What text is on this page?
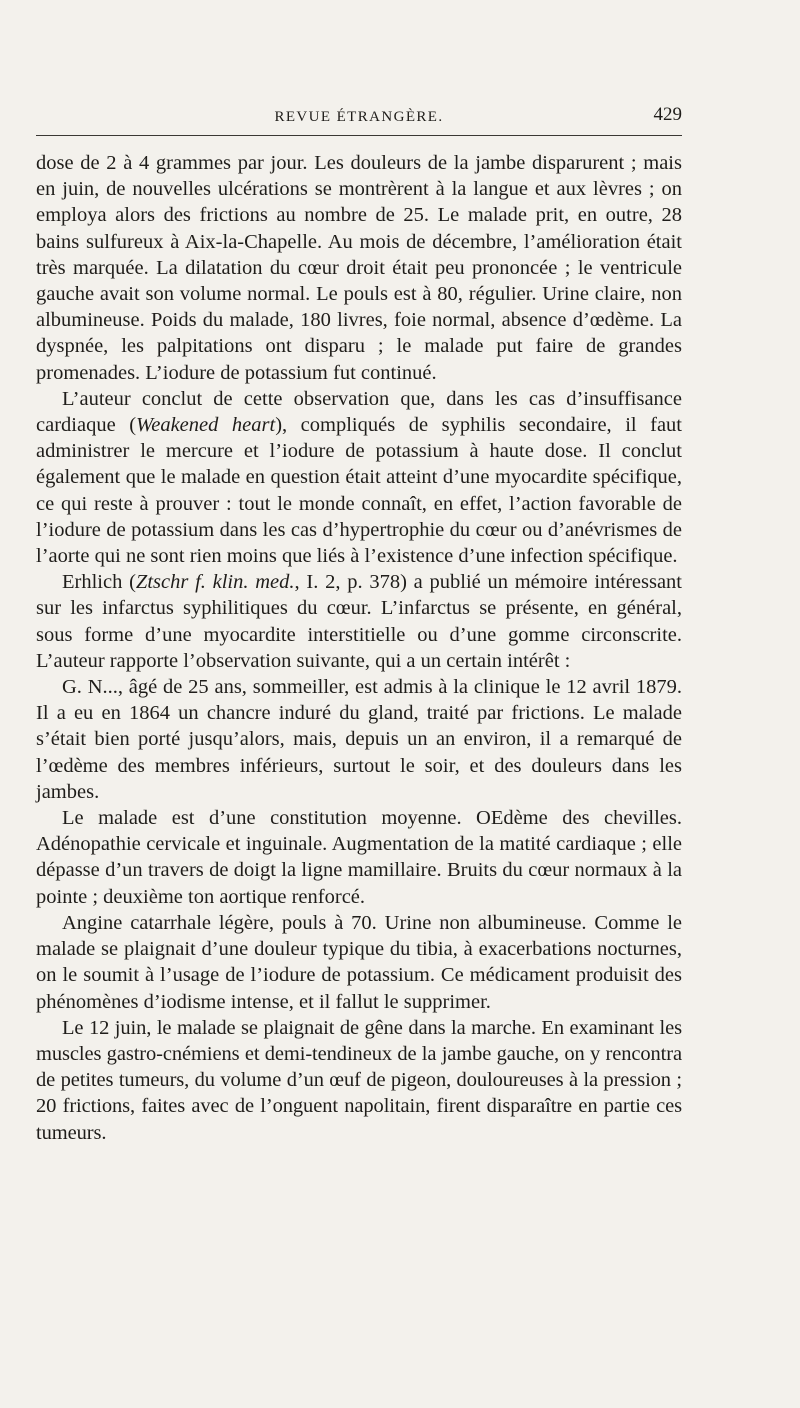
REVUE ÉTRANGÈRE.	429

dose de 2 à 4 grammes par jour. Les douleurs de la jambe disparurent ; mais en juin, de nouvelles ulcérations se montrèrent à la langue et aux lèvres ; on employa alors des frictions au nombre de 25. Le malade prit, en outre, 28 bains sulfureux à Aix-la-Chapelle. Au mois de décembre, l’amélioration était très marquée. La dilatation du cœur droit était peu prononcée ; le ventricule gauche avait son volume normal. Le pouls est à 80, régulier. Urine claire, non albumineuse. Poids du malade, 180 livres, foie normal, absence d’œdème. La dyspnée, les palpitations ont disparu ; le malade put faire de grandes promenades. L’iodure de potassium fut continué.

L’auteur conclut de cette observation que, dans les cas d’insuffisance cardiaque (Weakened heart), compliqués de syphilis secondaire, il faut administrer le mercure et l’iodure de potassium à haute dose. Il conclut également que le malade en question était atteint d’une myocardite spécifique, ce qui reste à prouver : tout le monde connaît, en effet, l’action favorable de l’iodure de potassium dans les cas d’hypertrophie du cœur ou d’anévrismes de l’aorte qui ne sont rien moins que liés à l’existence d’une infection spécifique.

Erhlich (Ztschr f. klin. med., I. 2, p. 378) a publié un mémoire intéressant sur les infarctus syphilitiques du cœur. L’infarctus se présente, en général, sous forme d’une myocardite interstitielle ou d’une gomme circonscrite. L’auteur rapporte l’observation suivante, qui a un certain intérêt :

G. N..., âgé de 25 ans, sommeiller, est admis à la clinique le 12 avril 1879. Il a eu en 1864 un chancre induré du gland, traité par frictions. Le malade s’était bien porté jusqu’alors, mais, depuis un an environ, il a remarqué de l’œdème des membres inférieurs, surtout le soir, et des douleurs dans les jambes.

Le malade est d’une constitution moyenne. OEdème des chevilles. Adénopathie cervicale et inguinale. Augmentation de la matité cardiaque ; elle dépasse d’un travers de doigt la ligne mamillaire. Bruits du cœur normaux à la pointe ; deuxième ton aortique renforcé.

Angine catarrhale légère, pouls à 70. Urine non albumineuse. Comme le malade se plaignait d’une douleur typique du tibia, à exacerbations nocturnes, on le soumit à l’usage de l’iodure de potassium. Ce médicament produisit des phénomènes d’iodisme intense, et il fallut le supprimer.

Le 12 juin, le malade se plaignait de gêne dans la marche. En examinant les muscles gastro-cnémiens et demi-tendineux de la jambe gauche, on y rencontra de petites tumeurs, du volume d’un œuf de pigeon, douloureuses à la pression ; 20 frictions, faites avec de l’onguent napolitain, firent disparaître en partie ces tumeurs.
